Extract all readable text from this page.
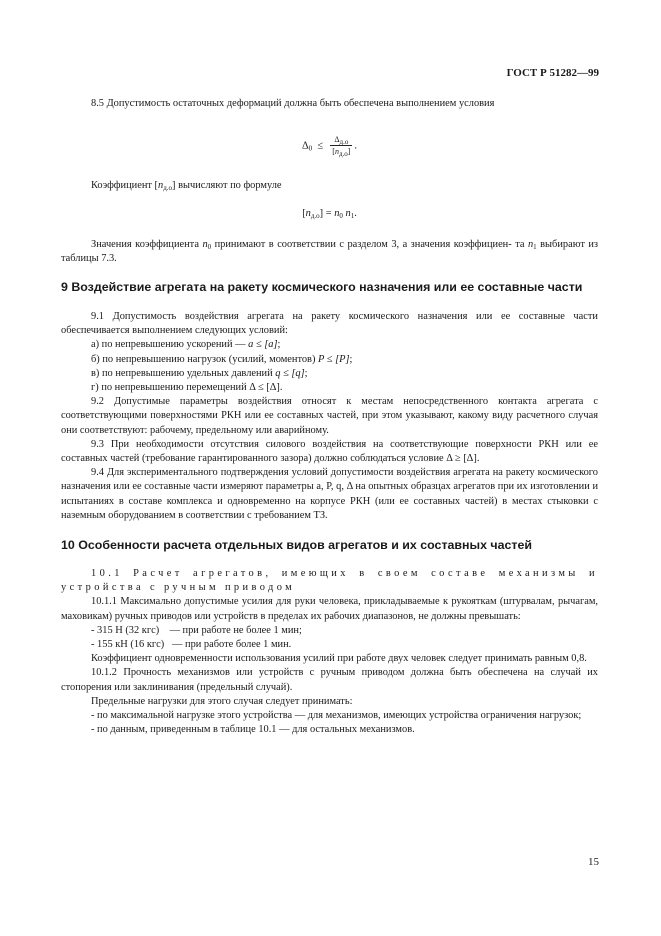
ГОСТ Р 51282—99

8.5 Допустимость остаточных деформаций должна быть обеспечена выполнением условия

$\Delta_0 \le \frac{\Delta_{д.о}}{[n_{д.о}]}$ .

Коэффициент $[n_{д.о}]$ вычисляют по формуле

$[n_{д.о}] = n_0$ $n_1$.

Значения коэффициента $n_0$ принимают в соответствии с разделом 3, а значения коэффициен- та $n_1$ выбирают из таблицы 7.3.

9 Воздействие агрегата на ракету космического назначения или ее составные части

9.1 Допустимость воздействия агрегата на ракету космического назначения или ее составные части обеспечивается выполнением следующих условий:

а) по непревышению ускорений — a ≤ [a];

б) по непревышению нагрузок (усилий, моментов) P ≤ [P];

в) по непревышению удельных давлений q ≤ [q];

г) по непревышению перемещений Δ ≤ [Δ].

9.2 Допустимые параметры воздействия относят к местам непосредственного контакта агрегата с соответствующими поверхностями РКН или ее составных частей, при этом указывают, какому виду расчетного случая они соответствуют: рабочему, предельному или аварийному.

9.3 При необходимости отсутствия силового воздействия на соответствующие поверхности РКН или ее составных частей (требование гарантированного зазора) должно соблюдаться условие Δ ≥ [Δ].

9.4 Для экспериментального подтверждения условий допустимости воздействия агрегата на ракету космического назначения или ее составные части измеряют параметры a, P, q, Δ на опытных образцах агрегатов при их изготовлении и испытаниях в составе комплекса и одновременно на корпусе РКН (или ее составных частей) в местах стыковки с наземным оборудованием в соответствии с требованием ТЗ.

10 Особенности расчета отдельных видов агрегатов и их составных частей

10.1 Расчет агрегатов, имеющих в своем составе механизмы и устройства с ручным приводом

10.1.1 Максимально допустимые усилия для руки человека, прикладываемые к рукояткам (штурвалам, рычагам, маховикам) ручных приводов или устройств в пределах их рабочих диапазонов, не должны превышать:

- 315 Н (32 кгс)    — при работе не более 1 мин;

- 155 кН (16 кгс)   — при работе более 1 мин.

Коэффициент одновременности использования усилий при работе двух человек следует принимать равным 0,8.

10.1.2 Прочность механизмов или устройств с ручным приводом должна быть обеспечена на случай их стопорения или заклинивания (предельный случай).

Предельные нагрузки для этого случая следует принимать:

- по максимальной нагрузке этого устройства — для механизмов, имеющих устройства ограничения нагрузок;

- по данным, приведенным в таблице 10.1 — для остальных механизмов.

15
